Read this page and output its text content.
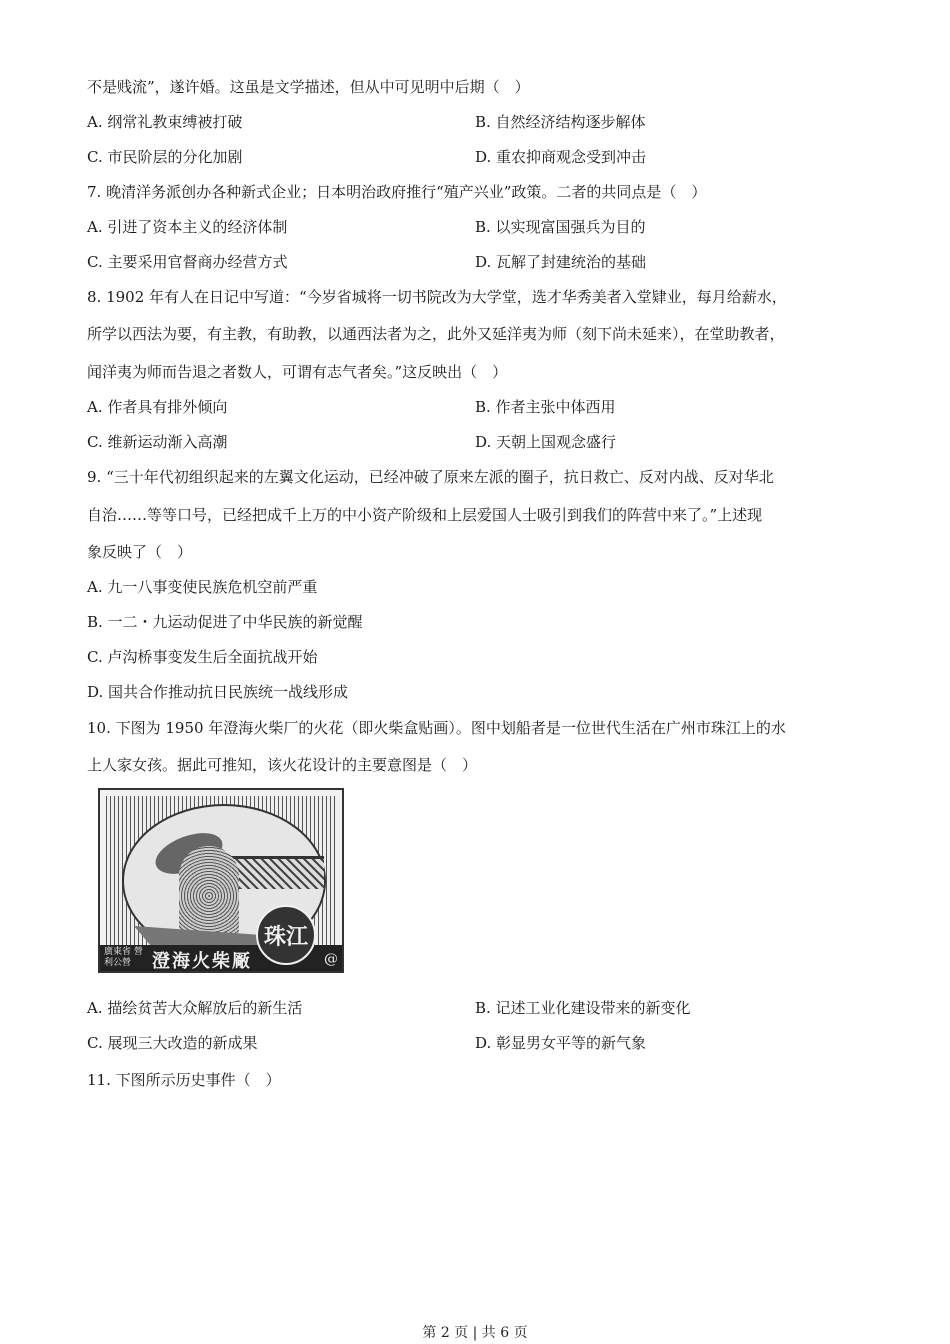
不是贱流”，遂许婚。这虽是文学描述，但从中可见明中后期（　）
7. 晚清洋务派创办各种新式企业；日本明治政府推行“殖产兴业”政策。二者的共同点是（　）
8. 1902 年有人在日记中写道：“今岁省城将一切书院改为大学堂，选才华秀美者入堂肄业，每月给薪水，
所学以西法为要，有主教，有助教，以通西法者为之，此外又延洋夷为师（刻下尚未延来），在堂助教者，
闻洋夷为师而告退之者数人，可谓有志气者矣。”这反映出（　）
9. “三十年代初组织起来的左翼文化运动，已经冲破了原来左派的圈子，抗日救亡、反对内战、反对华北
自治……等等口号，已经把成千上万的中小资产阶级和上层爱国人士吸引到我们的阵营中来了。”上述现
象反映了（　）
10. 下图为 1950 年澄海火柴厂的火花（即火柴盒贴画）。图中划船者是一位世代生活在广州市珠江上的水
上人家女孩。据此可推知，该火花设计的主要意图是（　）
11. 下图所示历史事件（　）
A. 纲常礼教束缚被打破	B. 自然经济结构逐步解体
C. 市民阶层的分化加剧	D. 重农抑商观念受到冲击
A. 引进了资本主义的经济体制	B. 以实现富国强兵为目的
C. 主要采用官督商办经营方式	D. 瓦解了封建统治的基础
A. 作者具有排外倾向	B. 作者主张中体西用
C. 维新运动渐入高潮	D. 天朝上国观念盛行
A. 描绘贫苦大众解放后的新生活	B. 记述工业化建设带来的新变化
C. 展现三大改造的新成果	D. 彰显男女平等的新气象
A. 九一八事变使民族危机空前严重
B. 一二・九运动促进了中华民族的新觉醒
C. 卢沟桥事变发生后全面抗战开始
D. 国共合作推动抗日民族统一战线形成
廣東省 營利公營	澄海火柴厰
珠江
@
第 2 页 | 共 6 页
